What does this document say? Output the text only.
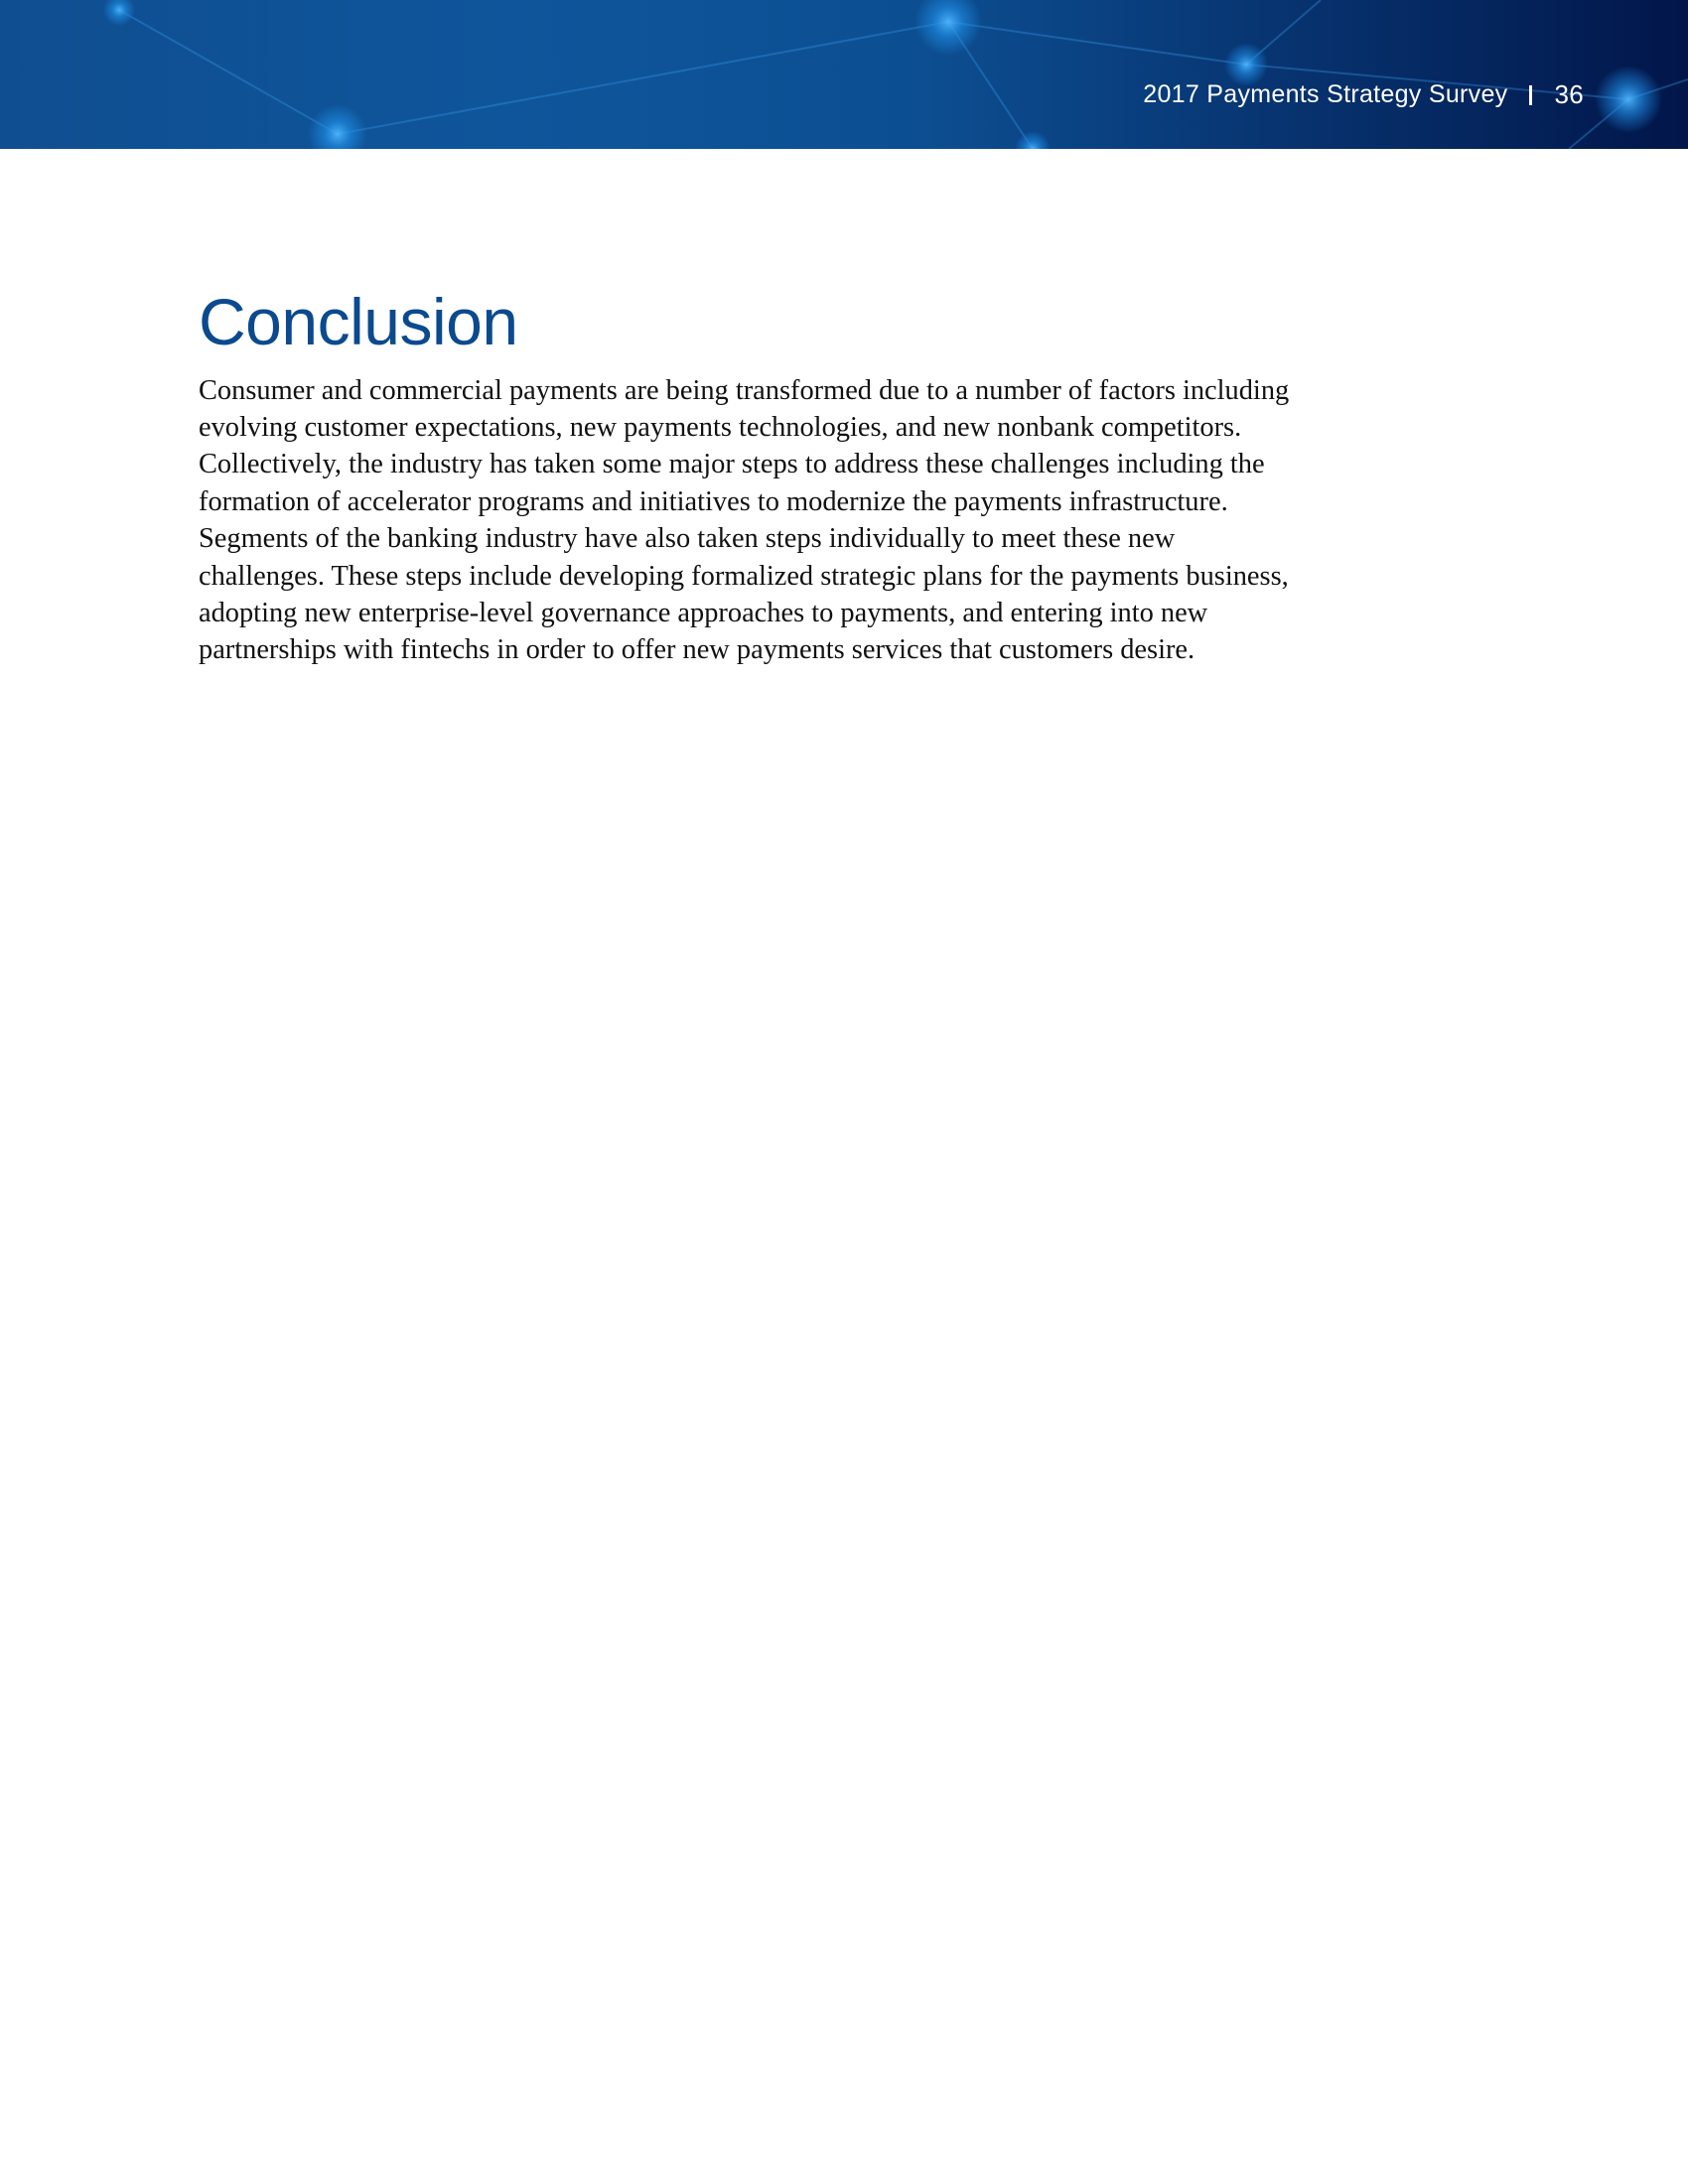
2017 Payments Strategy Survey 36
Conclusion

Consumer and commercial payments are being transformed due to a number of factors including evolving customer expectations, new payments technologies, and new nonbank competitors. Collectively, the industry has taken some major steps to address these challenges including the formation of accelerator programs and initiatives to modernize the payments infrastructure. Segments of the banking industry have also taken steps individually to meet these new challenges. These steps include developing formalized strategic plans for the payments business, adopting new enterprise-level governance approaches to payments, and entering into new partnerships with fintechs in order to offer new payments services that customers desire.
